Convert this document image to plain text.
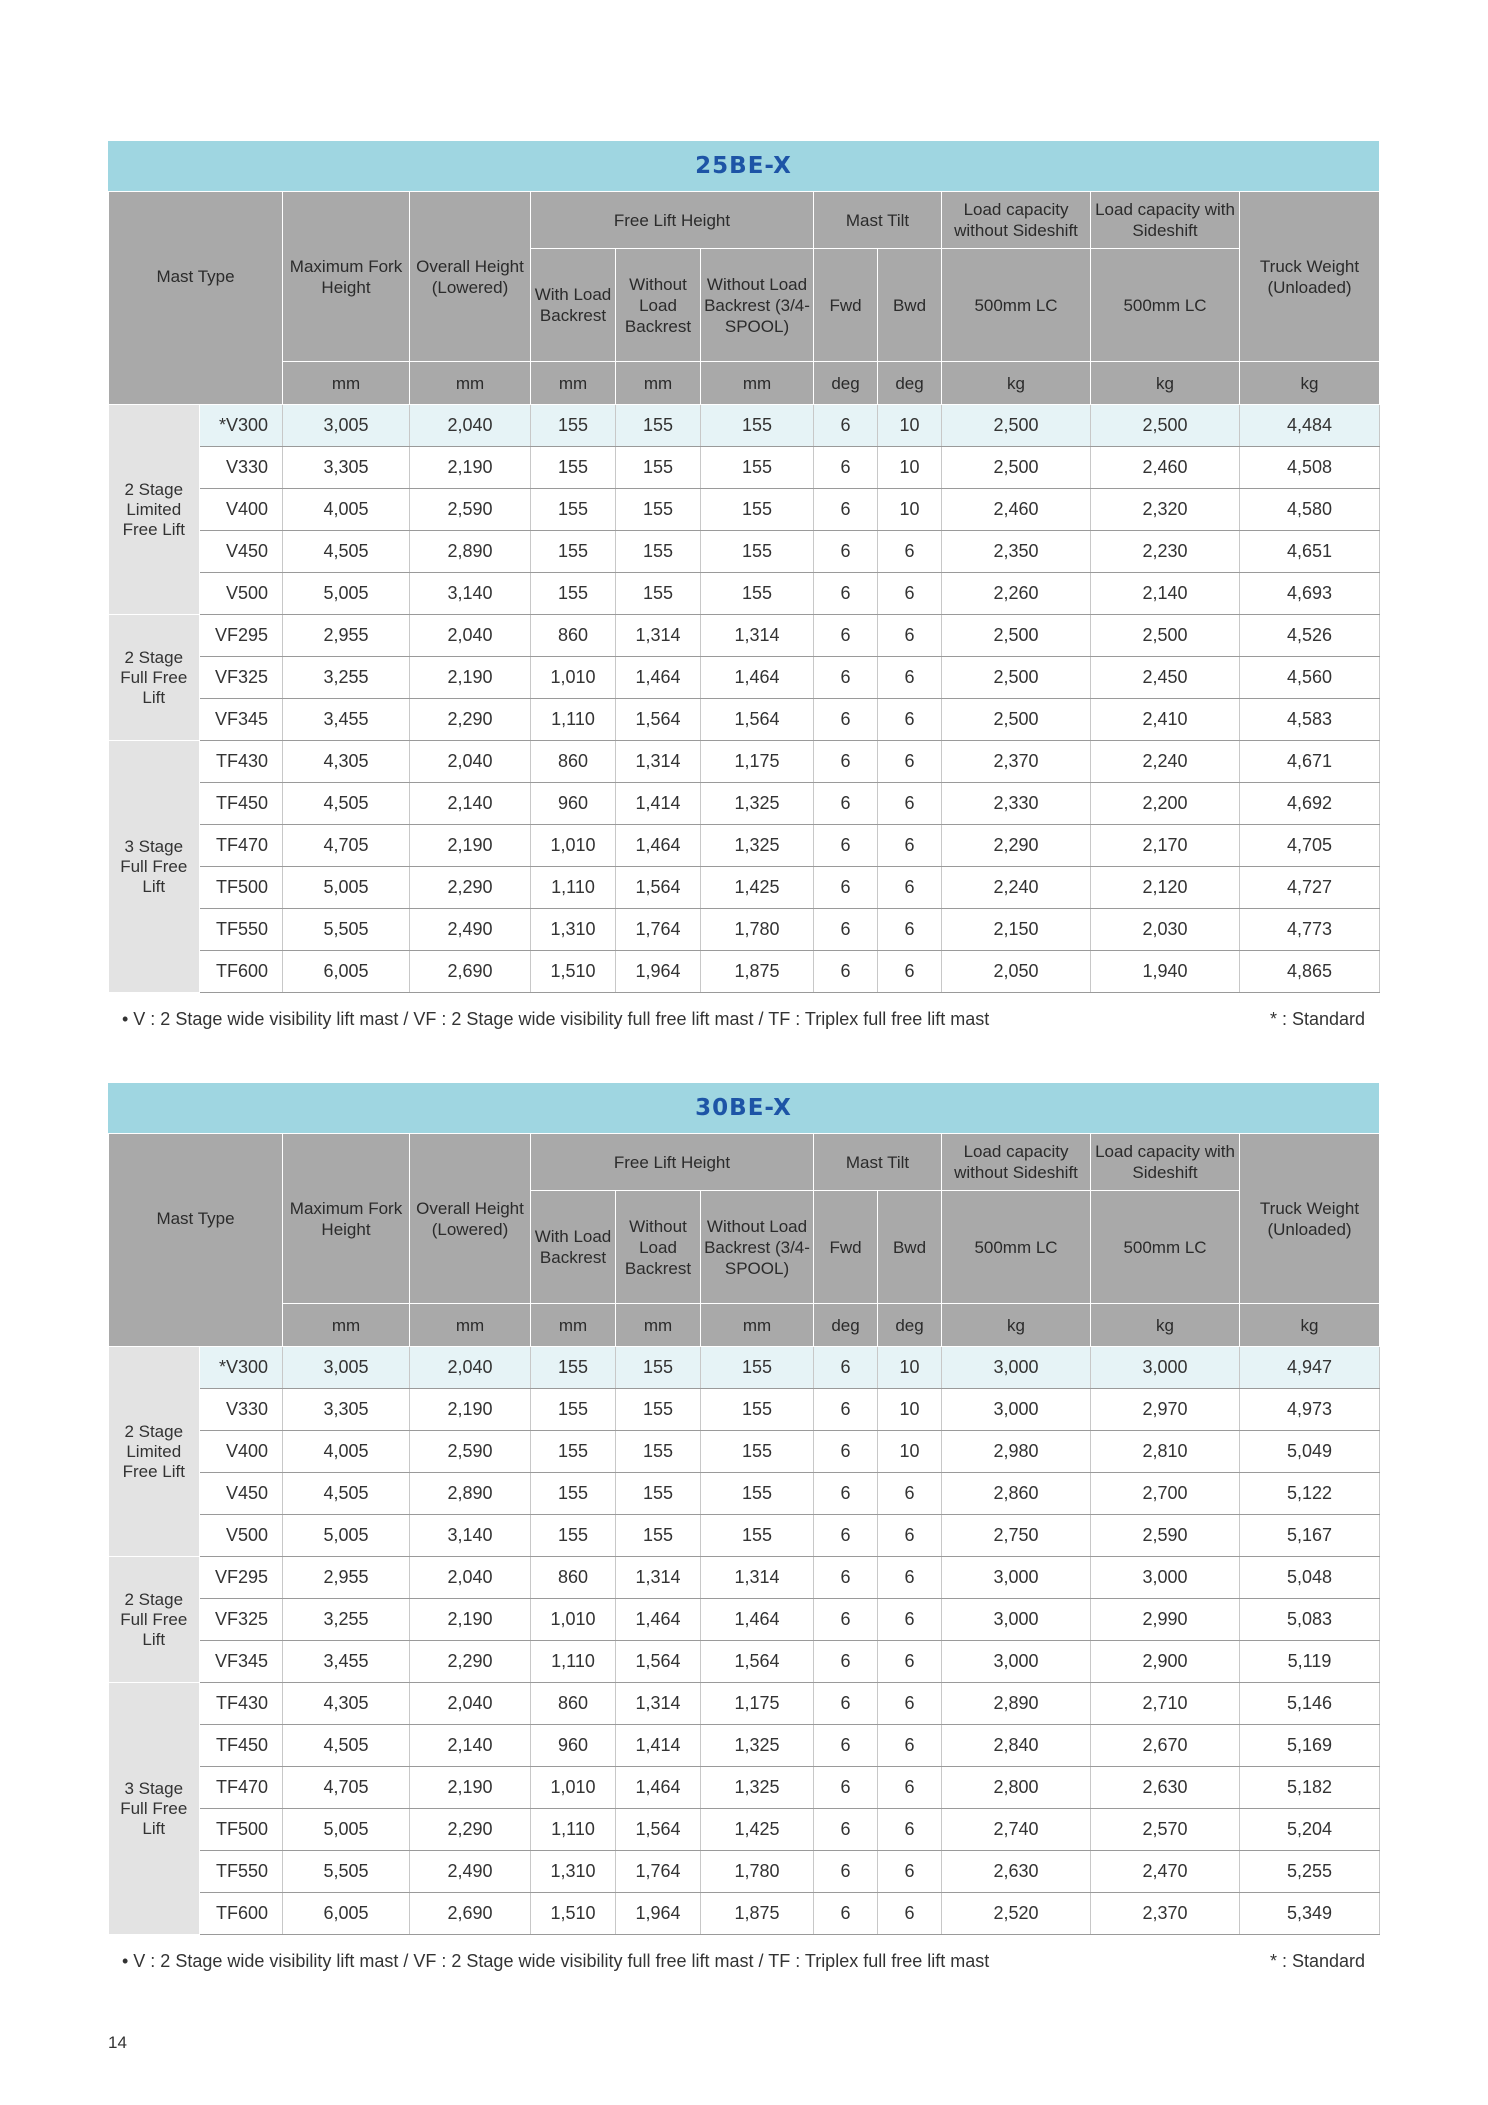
25BE-X
Mast Type		Maximum Fork Height	Overall Height (Lowered)	Free Lift Height			Mast Tilt		Load capacity without Sideshift	Load capacity with Sideshift	Truck Weight (Unloaded)
				With Load Backrest	Without Load Backrest	Without Load Backrest (3/4-SPOOL)	Fwd	Bwd	500mm LC	500mm LC	
		mm	mm	mm	mm	mm	deg	deg	kg	kg	kg
2 Stage Limited Free Lift	*V300	3,005	2,040	155	155	155	6	10	2,500	2,500	4,484
	V330	3,305	2,190	155	155	155	6	10	2,500	2,460	4,508
	V400	4,005	2,590	155	155	155	6	10	2,460	2,320	4,580
	V450	4,505	2,890	155	155	155	6	6	2,350	2,230	4,651
	V500	5,005	3,140	155	155	155	6	6	2,260	2,140	4,693
2 Stage Full Free Lift	VF295	2,955	2,040	860	1,314	1,314	6	6	2,500	2,500	4,526
	VF325	3,255	2,190	1,010	1,464	1,464	6	6	2,500	2,450	4,560
	VF345	3,455	2,290	1,110	1,564	1,564	6	6	2,500	2,410	4,583
3 Stage Full Free Lift	TF430	4,305	2,040	860	1,314	1,175	6	6	2,370	2,240	4,671
	TF450	4,505	2,140	960	1,414	1,325	6	6	2,330	2,200	4,692
	TF470	4,705	2,190	1,010	1,464	1,325	6	6	2,290	2,170	4,705
	TF500	5,005	2,290	1,110	1,564	1,425	6	6	2,240	2,120	4,727
	TF550	5,505	2,490	1,310	1,764	1,780	6	6	2,150	2,030	4,773
	TF600	6,005	2,690	1,510	1,964	1,875	6	6	2,050	1,940	4,865
• V : 2 Stage wide visibility lift mast / VF : 2 Stage wide visibility full free lift mast / TF : Triplex full free lift mast	* : Standard
30BE-X
Mast Type		Maximum Fork Height	Overall Height (Lowered)	Free Lift Height			Mast Tilt		Load capacity without Sideshift	Load capacity with Sideshift	Truck Weight (Unloaded)
				With Load Backrest	Without Load Backrest	Without Load Backrest (3/4-SPOOL)	Fwd	Bwd	500mm LC	500mm LC	
		mm	mm	mm	mm	mm	deg	deg	kg	kg	kg
2 Stage Limited Free Lift	*V300	3,005	2,040	155	155	155	6	10	3,000	3,000	4,947
	V330	3,305	2,190	155	155	155	6	10	3,000	2,970	4,973
	V400	4,005	2,590	155	155	155	6	10	2,980	2,810	5,049
	V450	4,505	2,890	155	155	155	6	6	2,860	2,700	5,122
	V500	5,005	3,140	155	155	155	6	6	2,750	2,590	5,167
2 Stage Full Free Lift	VF295	2,955	2,040	860	1,314	1,314	6	6	3,000	3,000	5,048
	VF325	3,255	2,190	1,010	1,464	1,464	6	6	3,000	2,990	5,083
	VF345	3,455	2,290	1,110	1,564	1,564	6	6	3,000	2,900	5,119
3 Stage Full Free Lift	TF430	4,305	2,040	860	1,314	1,175	6	6	2,890	2,710	5,146
	TF450	4,505	2,140	960	1,414	1,325	6	6	2,840	2,670	5,169
	TF470	4,705	2,190	1,010	1,464	1,325	6	6	2,800	2,630	5,182
	TF500	5,005	2,290	1,110	1,564	1,425	6	6	2,740	2,570	5,204
	TF550	5,505	2,490	1,310	1,764	1,780	6	6	2,630	2,470	5,255
	TF600	6,005	2,690	1,510	1,964	1,875	6	6	2,520	2,370	5,349
• V : 2 Stage wide visibility lift mast / VF : 2 Stage wide visibility full free lift mast / TF : Triplex full free lift mast	* : Standard
14
